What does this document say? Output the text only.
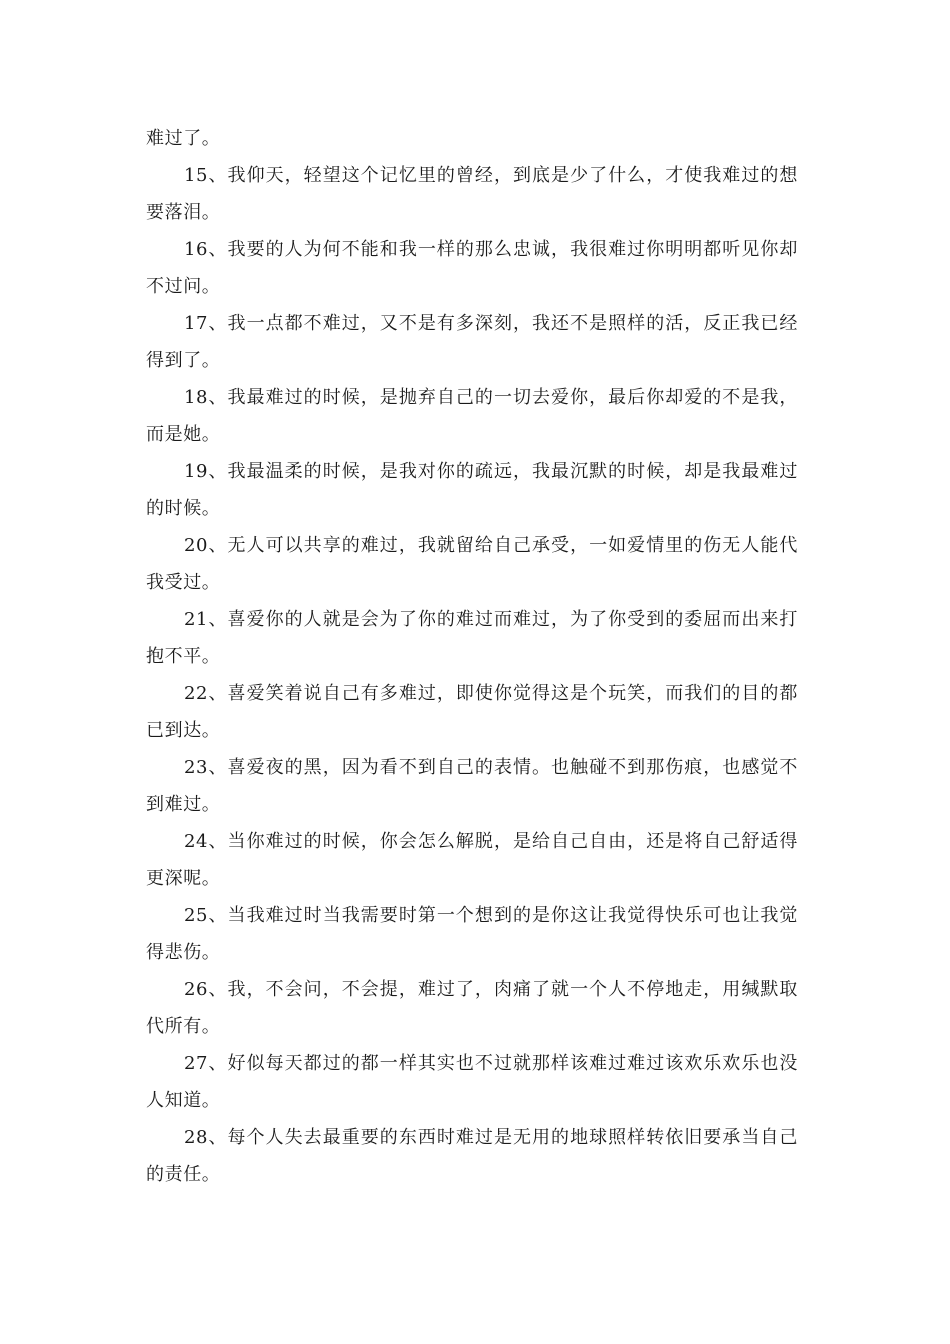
难过了。

15、我仰天，轻望这个记忆里的曾经，到底是少了什么，才使我难过的想要落泪。

16、我要的人为何不能和我一样的那么忠诚，我很难过你明明都听见你却不过问。

17、我一点都不难过，又不是有多深刻，我还不是照样的活，反正我已经得到了。

18、我最难过的时候，是抛弃自己的一切去爱你，最后你却爱的不是我，而是她。

19、我最温柔的时候，是我对你的疏远，我最沉默的时候，却是我最难过的时候。

20、无人可以共享的难过，我就留给自己承受，一如爱情里的伤无人能代我受过。

21、喜爱你的人就是会为了你的难过而难过，为了你受到的委屈而出来打抱不平。

22、喜爱笑着说自己有多难过，即使你觉得这是个玩笑，而我们的目的都已到达。

23、喜爱夜的黑，因为看不到自己的表情。也触碰不到那伤痕，也感觉不到难过。

24、当你难过的时候，你会怎么解脱，是给自己自由，还是将自己舒适得更深呢。

25、当我难过时当我需要时第一个想到的是你这让我觉得快乐可也让我觉得悲伤。

26、我，不会问，不会提，难过了，肉痛了就一个人不停地走，用缄默取代所有。

27、好似每天都过的都一样其实也不过就那样该难过难过该欢乐欢乐也没人知道。

28、每个人失去最重要的东西时难过是无用的地球照样转依旧要承当自己的责任。
